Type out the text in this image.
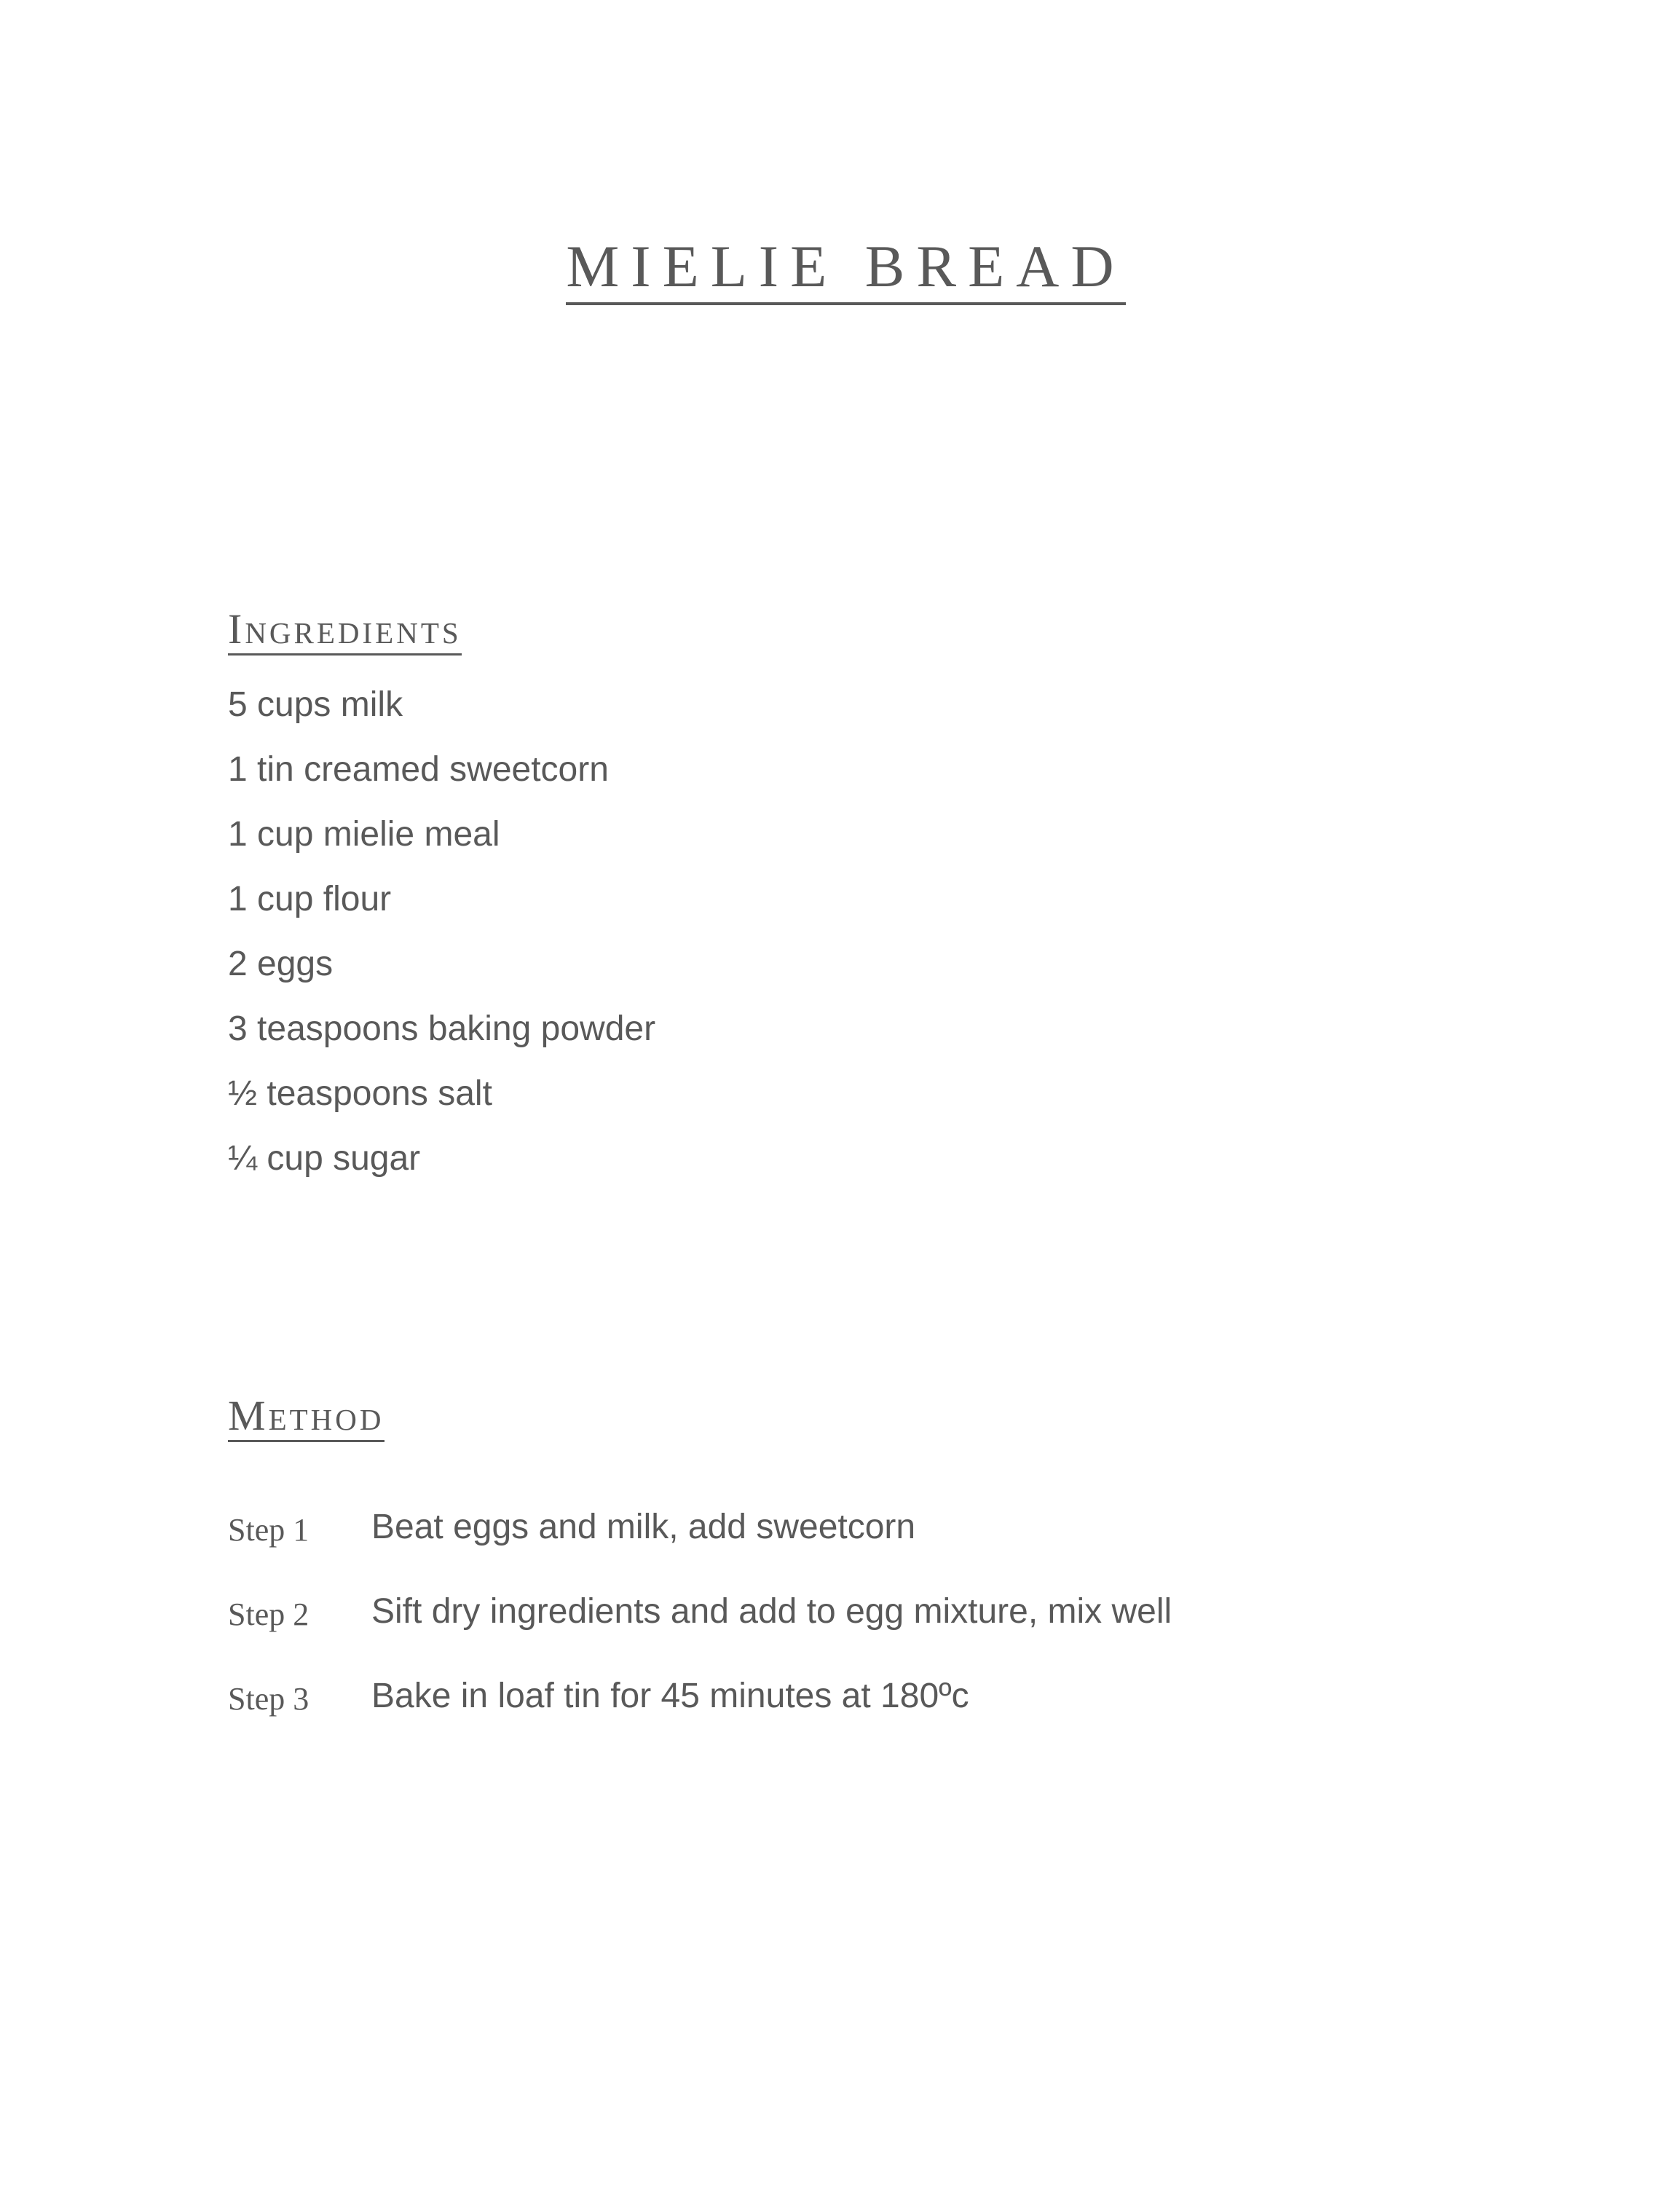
MIELIE BREAD
Ingredients
5 cups milk
1 tin creamed sweetcorn
1 cup mielie meal
1 cup flour
2 eggs
3 teaspoons baking powder
½ teaspoons salt
¼ cup sugar
Method
Step 1 Beat eggs and milk, add sweetcorn
Step 2 Sift dry ingredients and add to egg mixture, mix well
Step 3 Bake in loaf tin for 45 minutes at 180ºc
